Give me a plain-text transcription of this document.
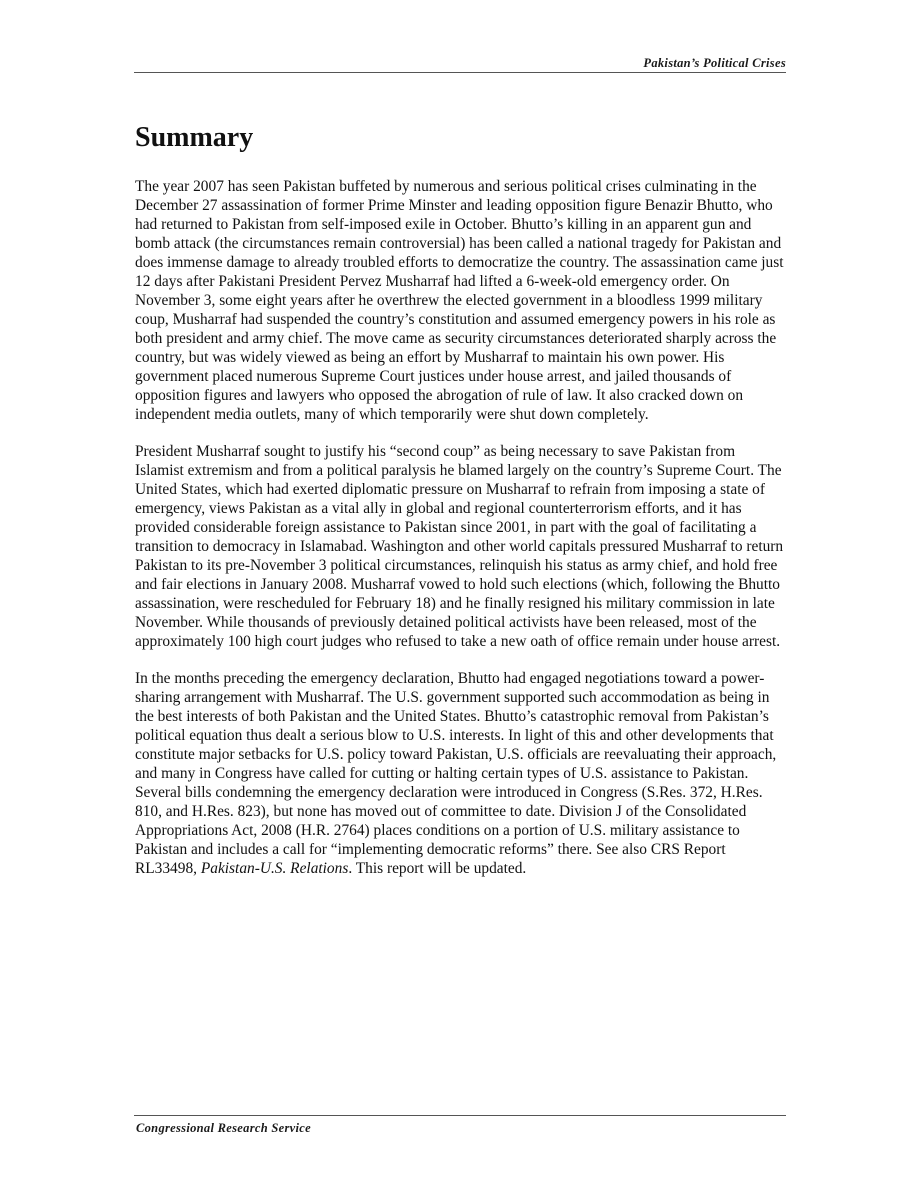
Pakistan’s Political Crises
Summary

The year 2007 has seen Pakistan buffeted by numerous and serious political crises culminating in the December 27 assassination of former Prime Minster and leading opposition figure Benazir Bhutto, who had returned to Pakistan from self-imposed exile in October. Bhutto’s killing in an apparent gun and bomb attack (the circumstances remain controversial) has been called a national tragedy for Pakistan and does immense damage to already troubled efforts to democratize the country. The assassination came just 12 days after Pakistani President Pervez Musharraf had lifted a 6-week-old emergency order. On November 3, some eight years after he overthrew the elected government in a bloodless 1999 military coup, Musharraf had suspended the country’s constitution and assumed emergency powers in his role as both president and army chief. The move came as security circumstances deteriorated sharply across the country, but was widely viewed as being an effort by Musharraf to maintain his own power. His government placed numerous Supreme Court justices under house arrest, and jailed thousands of opposition figures and lawyers who opposed the abrogation of rule of law. It also cracked down on independent media outlets, many of which temporarily were shut down completely.

President Musharraf sought to justify his “second coup” as being necessary to save Pakistan from Islamist extremism and from a political paralysis he blamed largely on the country’s Supreme Court. The United States, which had exerted diplomatic pressure on Musharraf to refrain from imposing a state of emergency, views Pakistan as a vital ally in global and regional counterterrorism efforts, and it has provided considerable foreign assistance to Pakistan since 2001, in part with the goal of facilitating a transition to democracy in Islamabad. Washington and other world capitals pressured Musharraf to return Pakistan to its pre-November 3 political circumstances, relinquish his status as army chief, and hold free and fair elections in January 2008. Musharraf vowed to hold such elections (which, following the Bhutto assassination, were rescheduled for February 18) and he finally resigned his military commission in late November. While thousands of previously detained political activists have been released, most of the approximately 100 high court judges who refused to take a new oath of office remain under house arrest.

In the months preceding the emergency declaration, Bhutto had engaged negotiations toward a power-sharing arrangement with Musharraf. The U.S. government supported such accommodation as being in the best interests of both Pakistan and the United States. Bhutto’s catastrophic removal from Pakistan’s political equation thus dealt a serious blow to U.S. interests. In light of this and other developments that constitute major setbacks for U.S. policy toward Pakistan, U.S. officials are reevaluating their approach, and many in Congress have called for cutting or halting certain types of U.S. assistance to Pakistan. Several bills condemning the emergency declaration were introduced in Congress (S.Res. 372, H.Res. 810, and H.Res. 823), but none has moved out of committee to date. Division J of the Consolidated Appropriations Act, 2008 (H.R. 2764) places conditions on a portion of U.S. military assistance to Pakistan and includes a call for “implementing democratic reforms” there. See also CRS Report RL33498, Pakistan-U.S. Relations. This report will be updated.

Congressional Research Service
